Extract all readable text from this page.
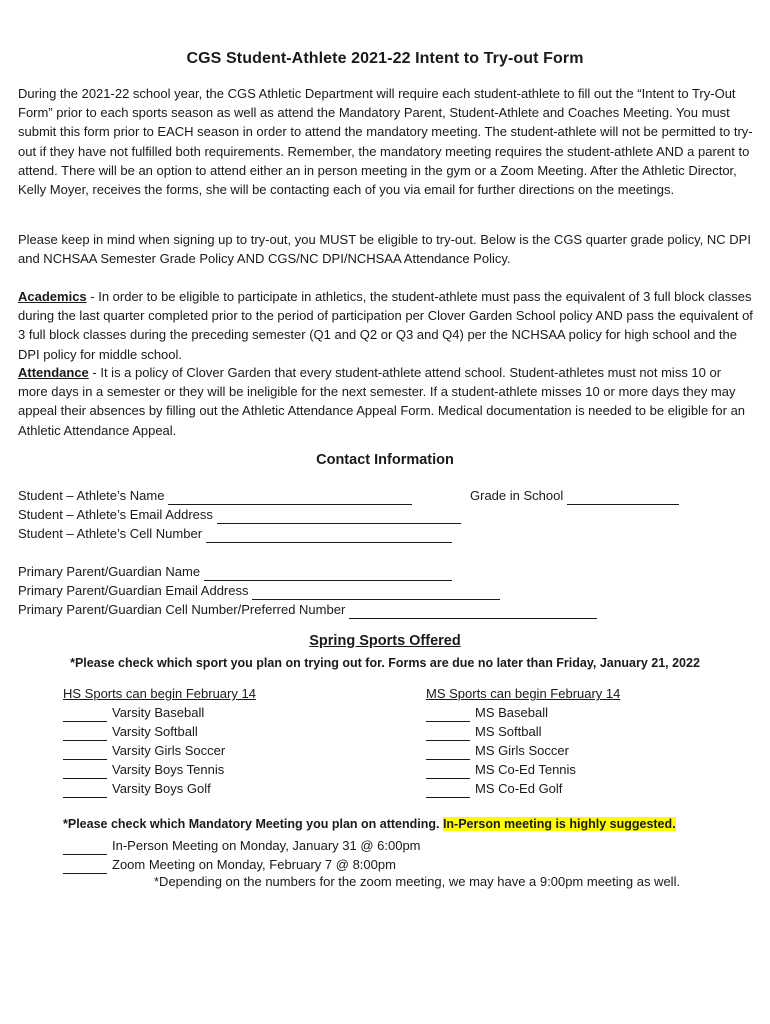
CGS Student-Athlete 2021-22 Intent to Try-out Form

During the 2021-22 school year, the CGS Athletic Department will require each student-athlete to fill out the “Intent to Try-Out Form” prior to each sports season as well as attend the Mandatory Parent, Student-Athlete and Coaches Meeting. You must submit this form prior to EACH season in order to attend the mandatory meeting. The student-athlete will not be permitted to try-out if they have not fulfilled both requirements. Remember, the mandatory meeting requires the student-athlete AND a parent to attend. There will be an option to attend either an in person meeting in the gym or a Zoom Meeting. After the Athletic Director, Kelly Moyer, receives the forms, she will be contacting each of you via email for further directions on the meetings.

Please keep in mind when signing up to try-out, you MUST be eligible to try-out. Below is the CGS quarter grade policy, NC DPI and NCHSAA Semester Grade Policy AND CGS/NC DPI/NCHSAA Attendance Policy.

Academics - In order to be eligible to participate in athletics, the student-athlete must pass the equivalent of 3 full block classes during the last quarter completed prior to the period of participation per Clover Garden School policy AND pass the equivalent of 3 full block classes during the preceding semester (Q1 and Q2 or Q3 and Q4) per the NCHSAA policy for high school and the DPI policy for middle school.

Attendance - It is a policy of Clover Garden that every student-athlete attend school. Student-athletes must not miss 10 or more days in a semester or they will be ineligible for the next semester. If a student-athlete misses 10 or more days they may appeal their absences by filling out the Athletic Attendance Appeal Form. Medical documentation is needed to be eligible for an Athletic Attendance Appeal.

Contact Information
Student – Athlete’s Name	Grade in School
Student – Athlete’s Email Address
Student – Athlete’s Cell Number
Primary Parent/Guardian Name
Primary Parent/Guardian Email Address
Primary Parent/Guardian Cell Number/Preferred Number
Spring Sports Offered
*Please check which sport you plan on trying out for. Forms are due no later than Friday, January 21, 2022
HS Sports can begin February 14
Varsity Baseball
Varsity Softball
Varsity Girls Soccer
Varsity Boys Tennis
Varsity Boys Golf
MS Sports can begin February 14
MS Baseball
MS Softball
MS Girls Soccer
MS Co-Ed Tennis
MS Co-Ed Golf
*Please check which Mandatory Meeting you plan on attending. In-Person meeting is highly suggested.
In-Person Meeting on Monday, January 31 @ 6:00pm
Zoom Meeting on Monday, February 7 @ 8:00pm
*Depending on the numbers for the zoom meeting, we may have a 9:00pm meeting as well.
